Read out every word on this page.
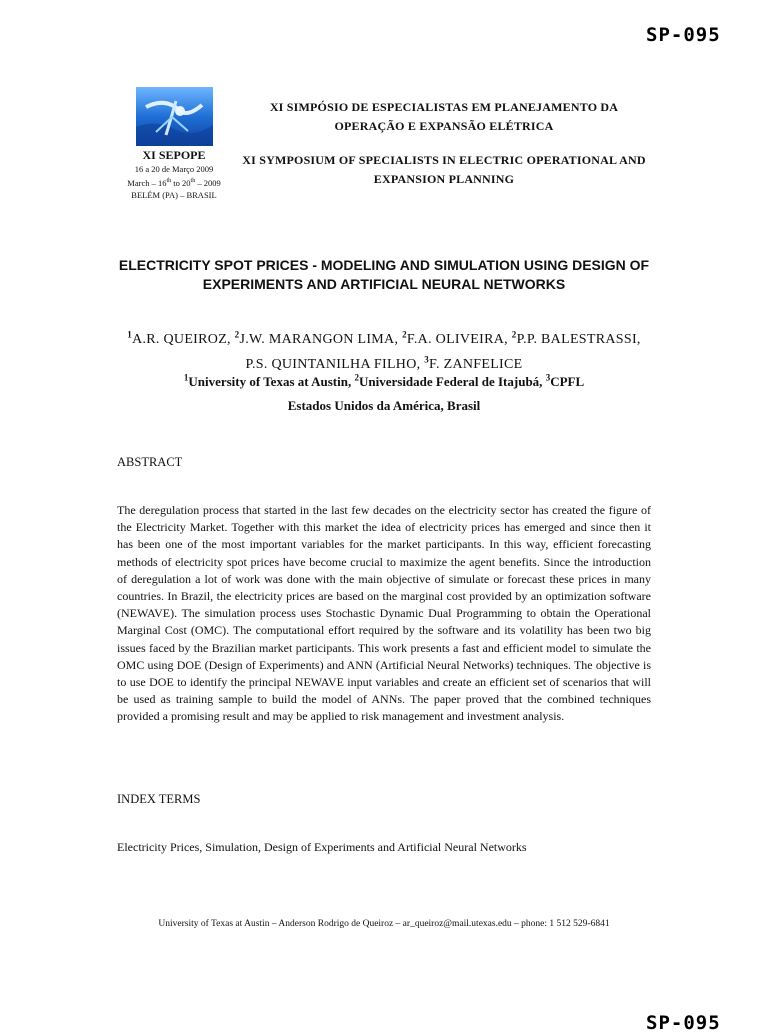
SP-095
XI SEPOPE
16 a 20 de Março 2009
March – 16th to 20th – 2009
BELÉM (PA) – BRASIL
XI SIMPÓSIO DE ESPECIALISTAS EM PLANEJAMENTO DA OPERAÇÃO E EXPANSÃO ELÉTRICA
XI SYMPOSIUM OF SPECIALISTS IN ELECTRIC OPERATIONAL AND EXPANSION PLANNING
ELECTRICITY SPOT PRICES - MODELING AND SIMULATION USING DESIGN OF EXPERIMENTS AND ARTIFICIAL NEURAL NETWORKS
$^1$A.R. QUEIROZ, $^2$J.W. MARANGON LIMA, $^2$F.A. OLIVEIRA, $^2$P.P. BALESTRASSI,
P.S. QUINTANILHA FILHO, $^3$F. ZANFELICE
$^1$University of Texas at Austin, $^2$Universidade Federal de Itajubá, $^3$CPFL
Estados Unidos da América, Brasil
ABSTRACT
The deregulation process that started in the last few decades on the electricity sector has created the figure of the Electricity Market. Together with this market the idea of electricity prices has emerged and since then it has been one of the most important variables for the market participants. In this way, efficient forecasting methods of electricity spot prices have become crucial to maximize the agent benefits. Since the introduction of deregulation a lot of work was done with the main objective of simulate or forecast these prices in many countries. In Brazil, the electricity prices are based on the marginal cost provided by an optimization software (NEWAVE). The simulation process uses Stochastic Dynamic Dual Programming to obtain the Operational Marginal Cost (OMC). The computational effort required by the software and its volatility has been two big issues faced by the Brazilian market participants. This work presents a fast and efficient model to simulate the OMC using DOE (Design of Experiments) and ANN (Artificial Neural Networks) techniques. The objective is to use DOE to identify the principal NEWAVE input variables and create an efficient set of scenarios that will be used as training sample to build the model of ANNs. The paper proved that the combined techniques provided a promising result and may be applied to risk management and investment analysis.
INDEX TERMS
Electricity Prices, Simulation, Design of Experiments and Artificial Neural Networks
University of Texas at Austin – Anderson Rodrigo de Queiroz – ar_queiroz@mail.utexas.edu – phone: 1 512 529-6841
SP-095
